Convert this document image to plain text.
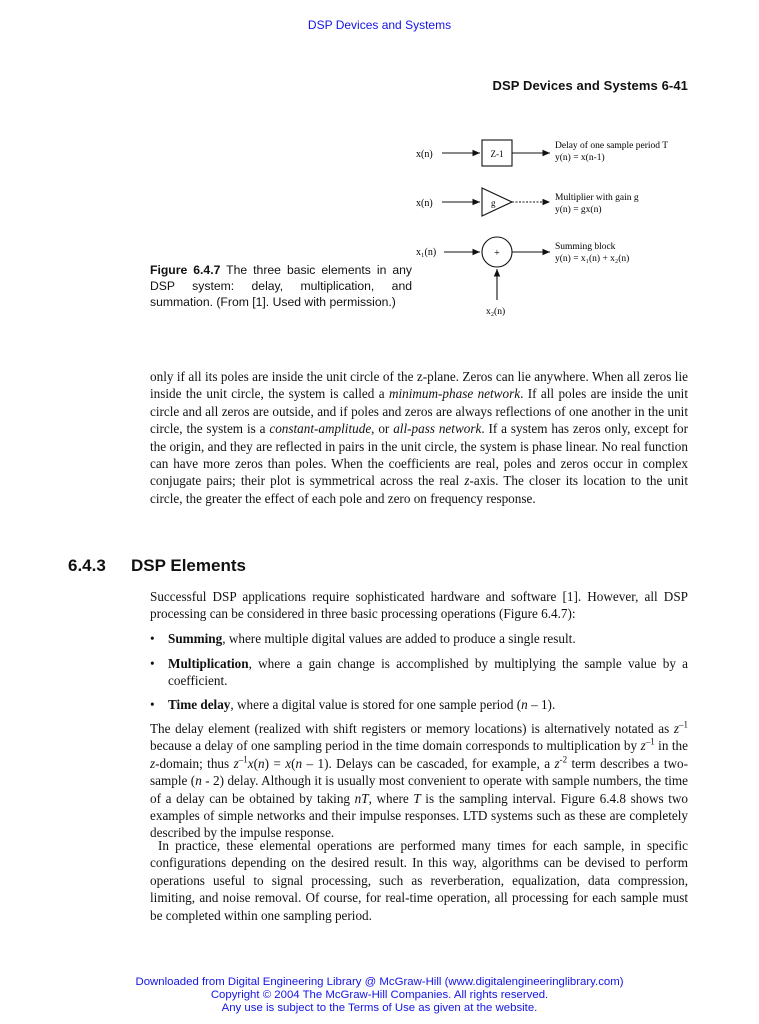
DSP Devices and Systems
DSP Devices and Systems 6-41
x(n)	Z-1
Delay of one sample period T
y(n) = x(n-1)
x(n)	g	Multiplier with gain g
y(n) = gx(n)
x₁(n)	+
x₂(n)
Summing block
y(n) = x₁(n) + x₂(n)
Figure 6.4.7 The three basic elements in any DSP system: delay, multiplication, and summation. (From [1]. Used with permission.)

only if all its poles are inside the unit circle of the z-plane. Zeros can lie anywhere. When all zeros lie inside the unit circle, the system is called a minimum-phase network. If all poles are inside the unit circle and all zeros are outside, and if poles and zeros are always reflections of one another in the unit circle, the system is a constant-amplitude, or all-pass network. If a system has zeros only, except for the origin, and they are reflected in pairs in the unit circle, the system is phase linear. No real function can have more zeros than poles. When the coefficients are real, poles and zeros occur in complex conjugate pairs; their plot is symmetrical across the real z-axis. The closer its location to the unit circle, the greater the effect of each pole and zero on frequency response.

6.4.3 DSP Elements

Successful DSP applications require sophisticated hardware and software [1]. However, all DSP processing can be considered in three basic processing operations (Figure 6.4.7):

• Summing, where multiple digital values are added to produce a single result.
• Multiplication, where a gain change is accomplished by multiplying the sample value by a coefficient.
• Time delay, where a digital value is stored for one sample period (n – 1).

The delay element (realized with shift registers or memory locations) is alternatively notated as $z^{-1}$ because a delay of one sampling period in the time domain corresponds to multiplication by $z^{-1}$ in the z-domain; thus $z^{-1}x(n) = x(n - 1)$. Delays can be cascaded, for example, a $z^{-2}$ term describes a two-sample (n - 2) delay. Although it is usually most convenient to operate with sample numbers, the time of a delay can be obtained by taking nT, where T is the sampling interval. Figure 6.4.8 shows two examples of simple networks and their impulse responses. LTD systems such as these are completely described by the impulse response.

In practice, these elemental operations are performed many times for each sample, in specific configurations depending on the desired result. In this way, algorithms can be devised to perform operations useful to signal processing, such as reverberation, equalization, data compression, limiting, and noise removal. Of course, for real-time operation, all processing for each sample must be completed within one sampling period.

Downloaded from Digital Engineering Library @ McGraw-Hill (www.digitalengineeringlibrary.com)
Copyright © 2004 The McGraw-Hill Companies. All rights reserved.
Any use is subject to the Terms of Use as given at the website.
